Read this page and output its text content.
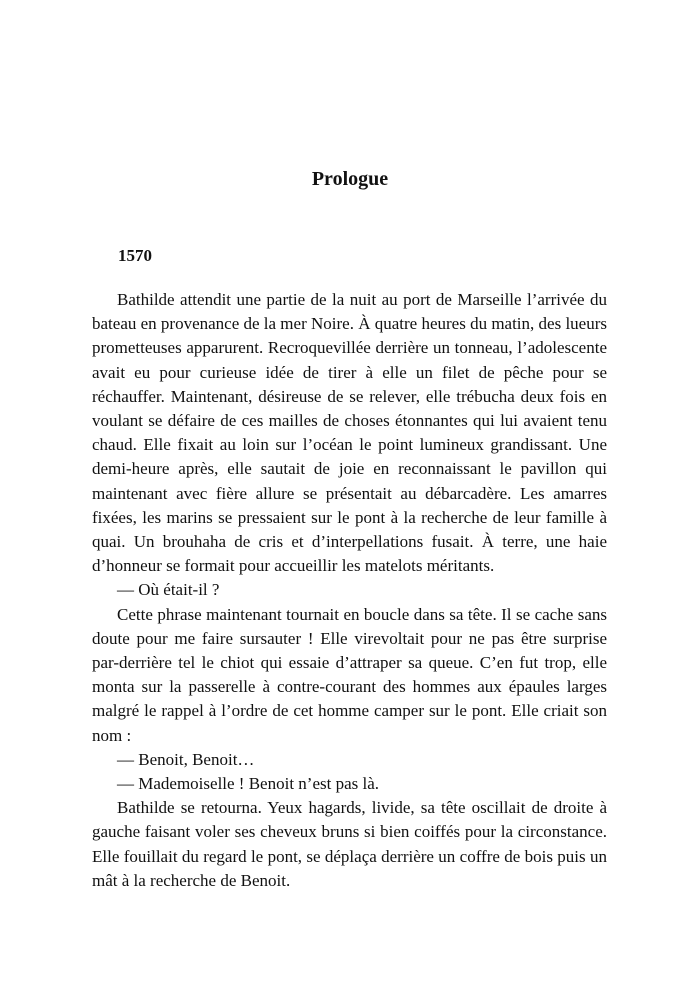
Prologue
1570

Bathilde attendit une partie de la nuit au port de Marseille l’arrivée du bateau en provenance de la mer Noire. À quatre heures du matin, des lueurs prometteuses apparurent. Recroquevillée derrière un tonneau, l’adolescente avait eu pour curieuse idée de tirer à elle un filet de pêche pour se réchauffer. Maintenant, désireuse de se relever, elle trébucha deux fois en voulant se défaire de ces mailles de choses étonnantes qui lui avaient tenu chaud. Elle fixait au loin sur l’océan le point lumineux grandissant. Une demi-heure après, elle sautait de joie en reconnaissant le pavillon qui maintenant avec fière allure se présentait au débarcadère. Les amarres fixées, les marins se pressaient sur le pont à la recherche de leur famille à quai. Un brouhaha de cris et d’interpellations fusait. À terre, une haie d’honneur se formait pour accueillir les matelots méritants.

— Où était-il ?

Cette phrase maintenant tournait en boucle dans sa tête. Il se cache sans doute pour me faire sursauter ! Elle virevoltait pour ne pas être surprise par-derrière tel le chiot qui essaie d’attraper sa queue. C’en fut trop, elle monta sur la passerelle à contre-courant des hommes aux épaules larges malgré le rappel à l’ordre de cet homme camper sur le pont. Elle criait son nom :

— Benoit, Benoit…

— Mademoiselle ! Benoit n’est pas là.

Bathilde se retourna. Yeux hagards, livide, sa tête oscillait de droite à gauche faisant voler ses cheveux bruns si bien coiffés pour la circonstance. Elle fouillait du regard le pont, se déplaça derrière un coffre de bois puis un mât à la recherche de Benoit.
